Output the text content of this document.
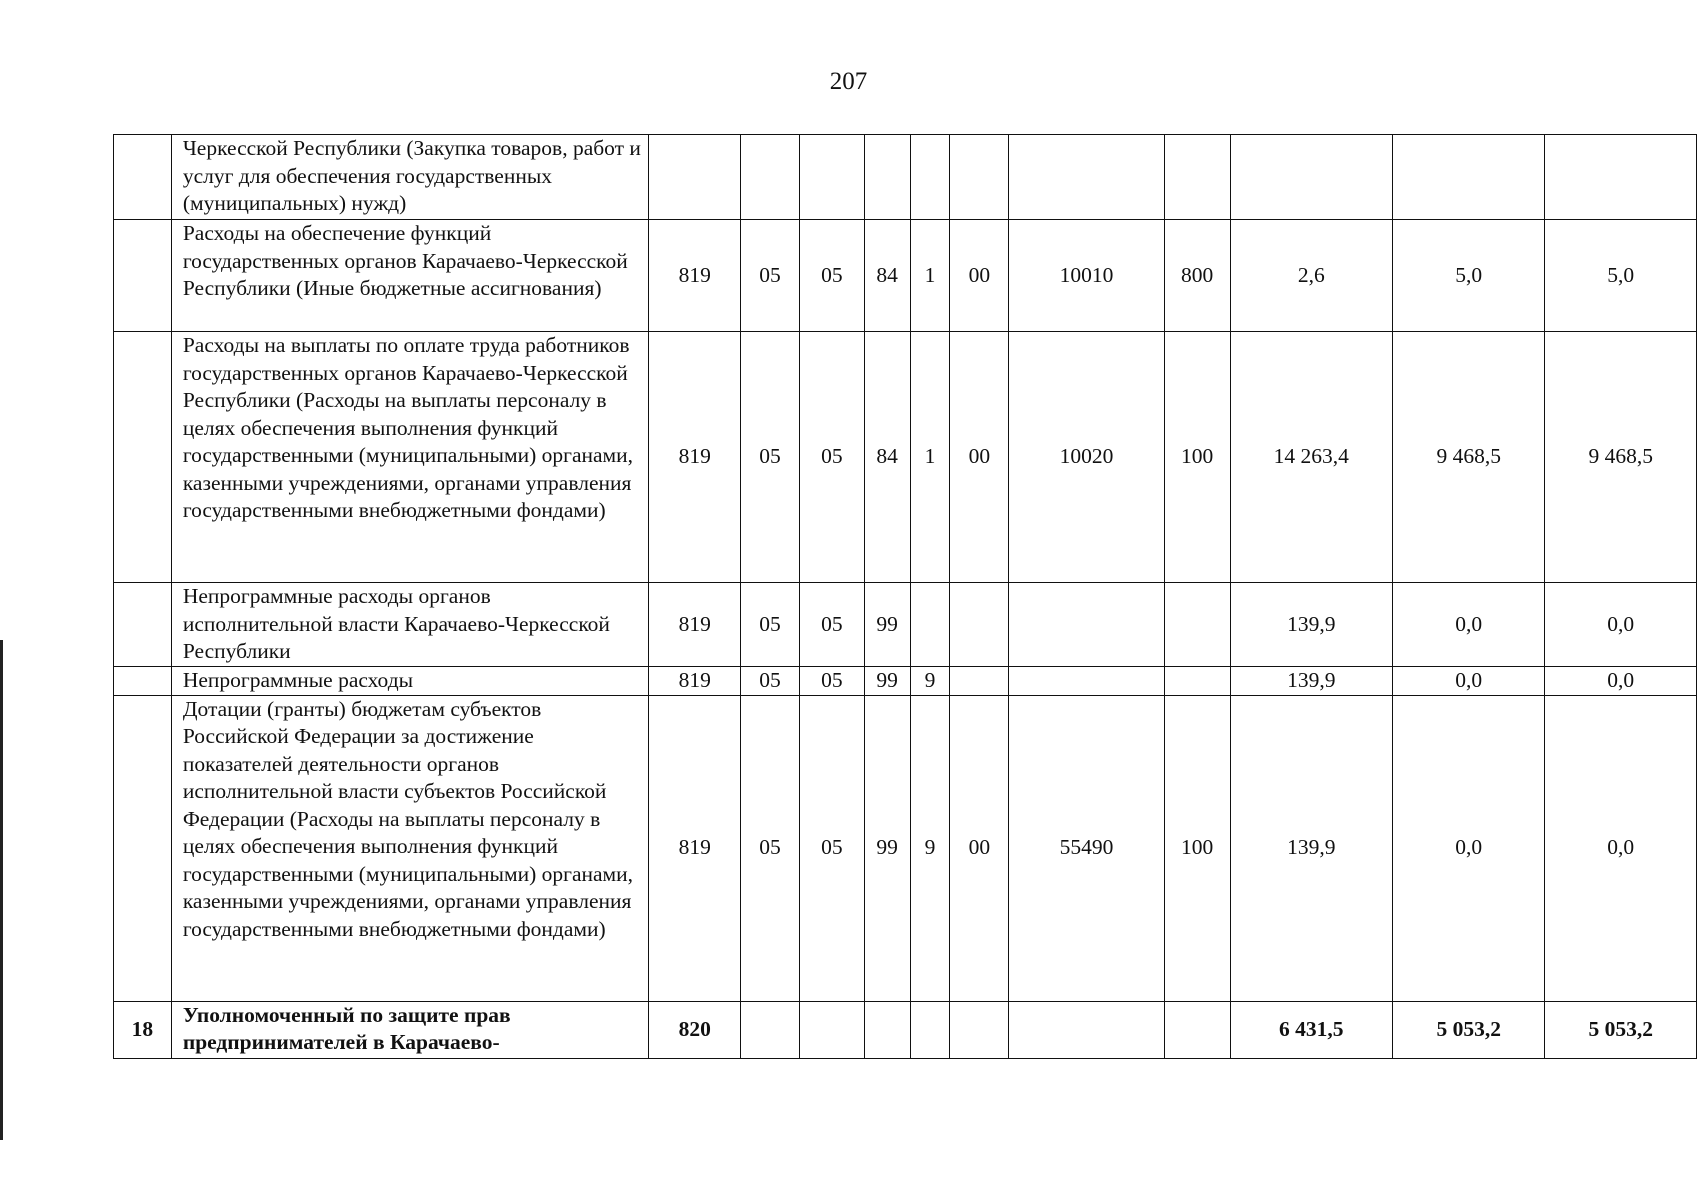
207
	Черкесской Республики (Закупка товаров, работ и услуг для обеспечения государственных (муниципальных) нужд)											
	Расходы на обеспечение функций государственных органов Карачаево-Черкесской Республики (Иные бюджетные ассигнования)	819	05	05	84	1	00	10010	800	2,6	5,0	5,0
	Расходы на выплаты по оплате труда работников государственных органов Карачаево-Черкесской Республики (Расходы на выплаты персоналу в целях обеспечения выполнения функций государственными (муниципальными) органами, казенными учреждениями, органами управления государственными внебюджетными фондами)	819	05	05	84	1	00	10020	100	14 263,4	9 468,5	9 468,5
	Непрограммные расходы органов исполнительной власти Карачаево-Черкесской Республики	819	05	05	99					139,9	0,0	0,0
	Непрограммные расходы	819	05	05	99	9				139,9	0,0	0,0
	Дотации (гранты) бюджетам субъектов Российской Федерации за достижение показателей деятельности органов исполнительной власти субъектов Российской Федерации (Расходы на выплаты персоналу в целях обеспечения выполнения функций государственными (муниципальными) органами, казенными учреждениями, органами управления государственными внебюджетными фондами)	819	05	05	99	9	00	55490	100	139,9	0,0	0,0
18	Уполномоченный по защите прав предпринимателей в Карачаево-	820								6 431,5	5 053,2	5 053,2
